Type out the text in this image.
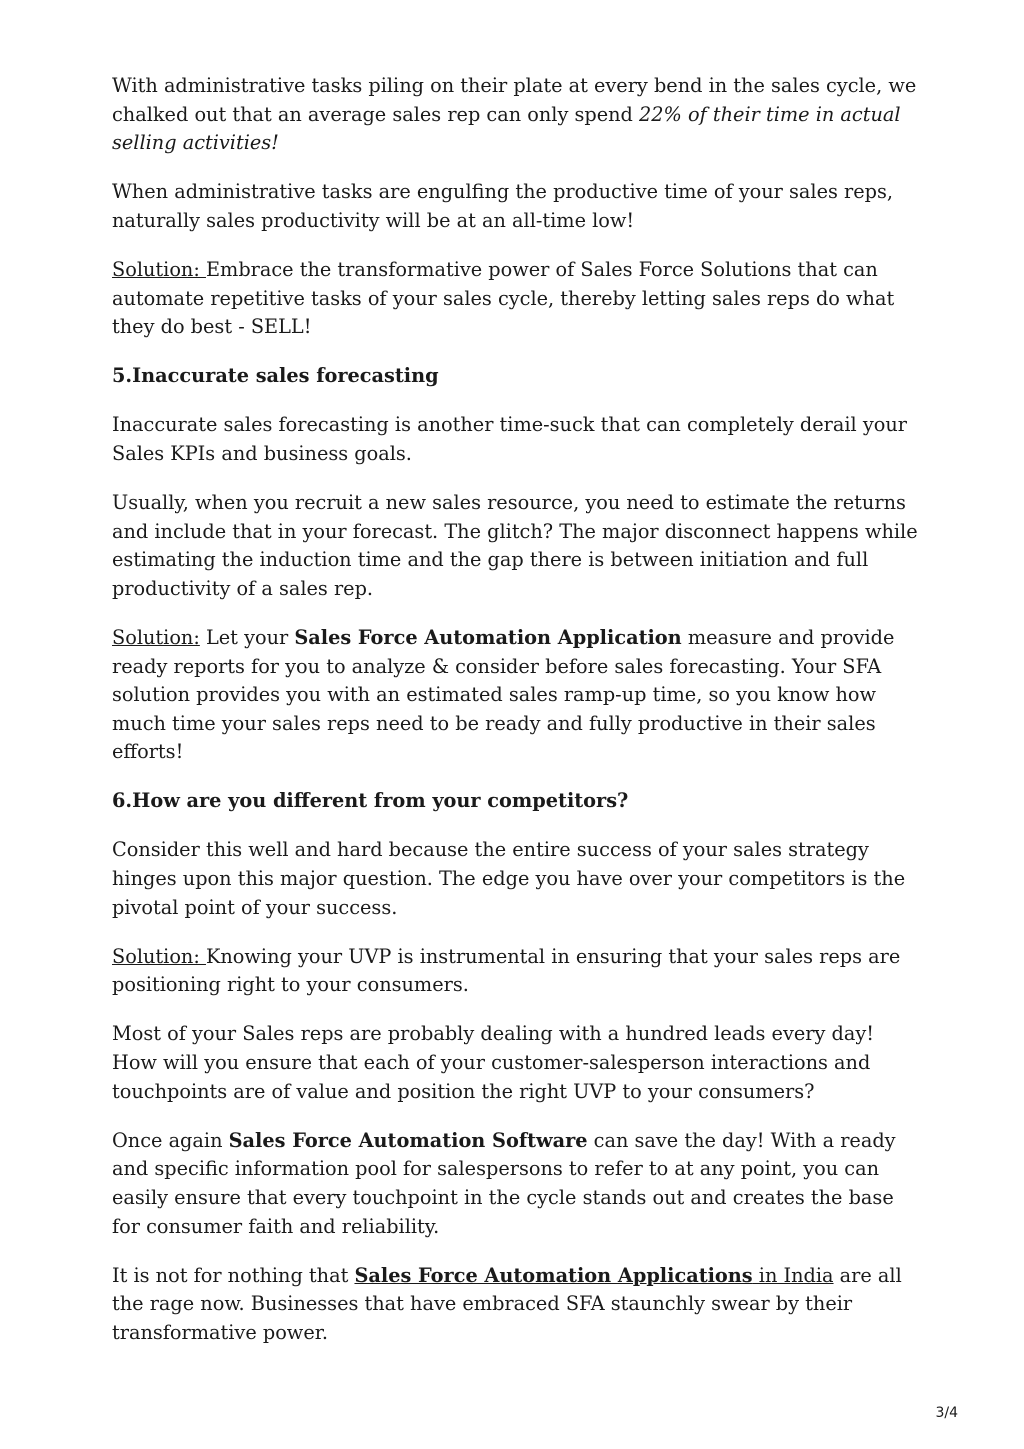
With administrative tasks piling on their plate at every bend in the sales cycle, we chalked out that an average sales rep can only spend 22% of their time in actual selling activities!

When administrative tasks are engulfing the productive time of your sales reps, naturally sales productivity will be at an all-time low!

Solution: Embrace the transformative power of Sales Force Solutions that can automate repetitive tasks of your sales cycle, thereby letting sales reps do what they do best - SELL!

5.Inaccurate sales forecasting

Inaccurate sales forecasting is another time-suck that can completely derail your Sales KPIs and business goals.

Usually, when you recruit a new sales resource, you need to estimate the returns and include that in your forecast. The glitch? The major disconnect happens while estimating the induction time and the gap there is between initiation and full productivity of a sales rep.

Solution: Let your Sales Force Automation Application measure and provide ready reports for you to analyze & consider before sales forecasting. Your SFA solution provides you with an estimated sales ramp-up time, so you know how much time your sales reps need to be ready and fully productive in their sales efforts!

6.How are you different from your competitors?

Consider this well and hard because the entire success of your sales strategy hinges upon this major question. The edge you have over your competitors is the pivotal point of your success.

Solution: Knowing your UVP is instrumental in ensuring that your sales reps are positioning right to your consumers.

Most of your Sales reps are probably dealing with a hundred leads every day! How will you ensure that each of your customer-salesperson interactions and touchpoints are of value and position the right UVP to your consumers?

Once again Sales Force Automation Software can save the day! With a ready and specific information pool for salespersons to refer to at any point, you can easily ensure that every touchpoint in the cycle stands out and creates the base for consumer faith and reliability.

It is not for nothing that Sales Force Automation Applications in India are all the rage now. Businesses that have embraced SFA staunchly swear by their transformative power.

3/4
